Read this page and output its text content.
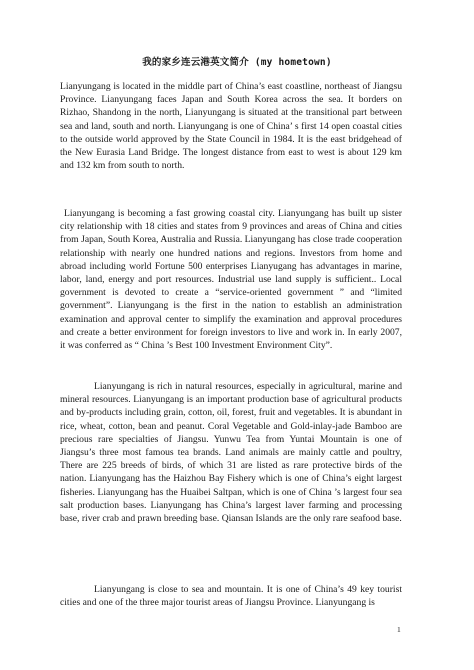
我的家乡连云港英文简介 (my hometown)

Lianyungang is located in the middle part of China’s east coastline, northeast of Jiangsu Province. Lianyungang faces Japan and South Korea across the sea. It borders on Rizhao, Shandong in the north, Lianyungang is situated at the transitional part between sea and land, south and north. Lianyungang is one of China’ s first 14 open coastal cities to the outside world approved by the State Council in 1984. It is the east bridgehead of the New Eurasia Land Bridge. The longest distance from east to west is about 129 km and 132 km from south to north.

Lianyungang is becoming a fast growing coastal city. Lianyungang has built up sister city relationship with 18 cities and states from 9 provinces and areas of China and cities from Japan, South Korea, Australia and Russia. Lianyungang has close trade cooperation relationship with nearly one hundred nations and regions. Investors from home and abroad including world Fortune 500 enterprises Lianyugang has advantages in marine, labor, land, energy and port resources. Industrial use land supply is sufficient.. Local government is devoted to create a “service-oriented government ” and “limited government”. Lianyungang is the first in the nation to establish an administration examination and approval center to simplify the examination and approval procedures and create a better environment for foreign investors to live and work in. In early 2007, it was conferred as “ China ’s Best 100 Investment Environment City”.

Lianyungang is rich in natural resources, especially in agricultural, marine and mineral resources. Lianyungang is an important production base of agricultural products and by-products including grain, cotton, oil, forest, fruit and vegetables. It is abundant in rice, wheat, cotton, bean and peanut. Coral Vegetable and Gold-inlay-jade Bamboo are precious rare specialties of Jiangsu. Yunwu Tea from Yuntai Mountain is one of Jiangsu’s three most famous tea brands. Land animals are mainly cattle and poultry, There are 225 breeds of birds, of which 31 are listed as rare protective birds of the nation. Lianyungang has the Haizhou Bay Fishery which is one of China’s eight largest fisheries. Lianyungang has the Huaibei Saltpan, which is one of China ’s largest four sea salt production bases. Lianyungang has China’s largest laver farming and processing base, river crab and prawn breeding base. Qiansan Islands are the only rare seafood base.

Lianyungang is close to sea and mountain. It is one of China’s 49 key tourist cities and one of the three major tourist areas of Jiangsu Province. Lianyungang is

1
